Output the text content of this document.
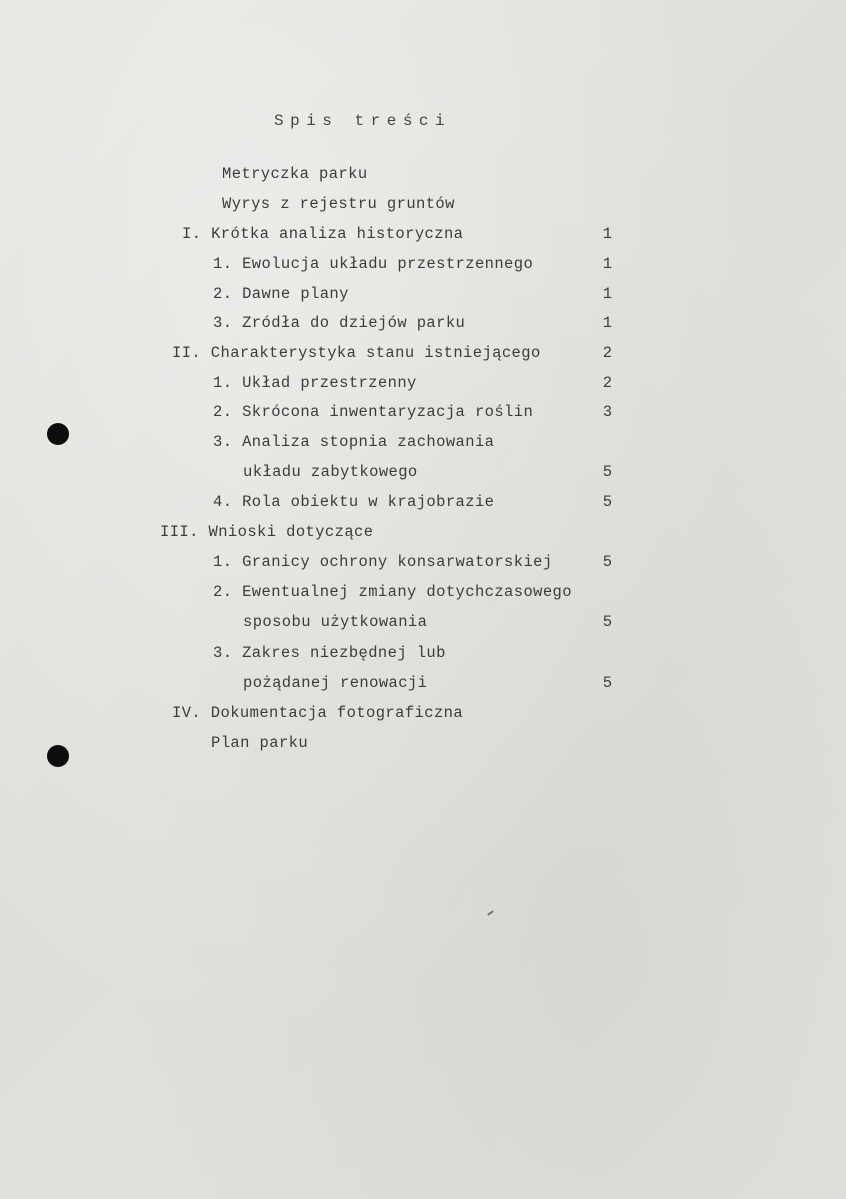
Spis treści
Metryczka parku
Wyrys z rejestru gruntów
I. Krótka analiza historyczna	1
1. Ewolucja układu przestrzennego	1
2. Dawne plany	1
3. Zródła do dziejów parku	1
II. Charakterystyka stanu istniejącego	2
1. Układ przestrzenny	2
2. Skrócona inwentaryzacja roślin	3
3. Analiza stopnia zachowania
układu zabytkowego	5
4. Rola obiektu w krajobrazie	5
III. Wnioski dotyczące
1. Granicy ochrony konsarwatorskiej	5
2. Ewentualnej zmiany dotychczasowego
sposobu użytkowania	5
3. Zakres niezbędnej lub
pożądanej renowacji	5
IV. Dokumentacja fotograficzna
Plan parku
